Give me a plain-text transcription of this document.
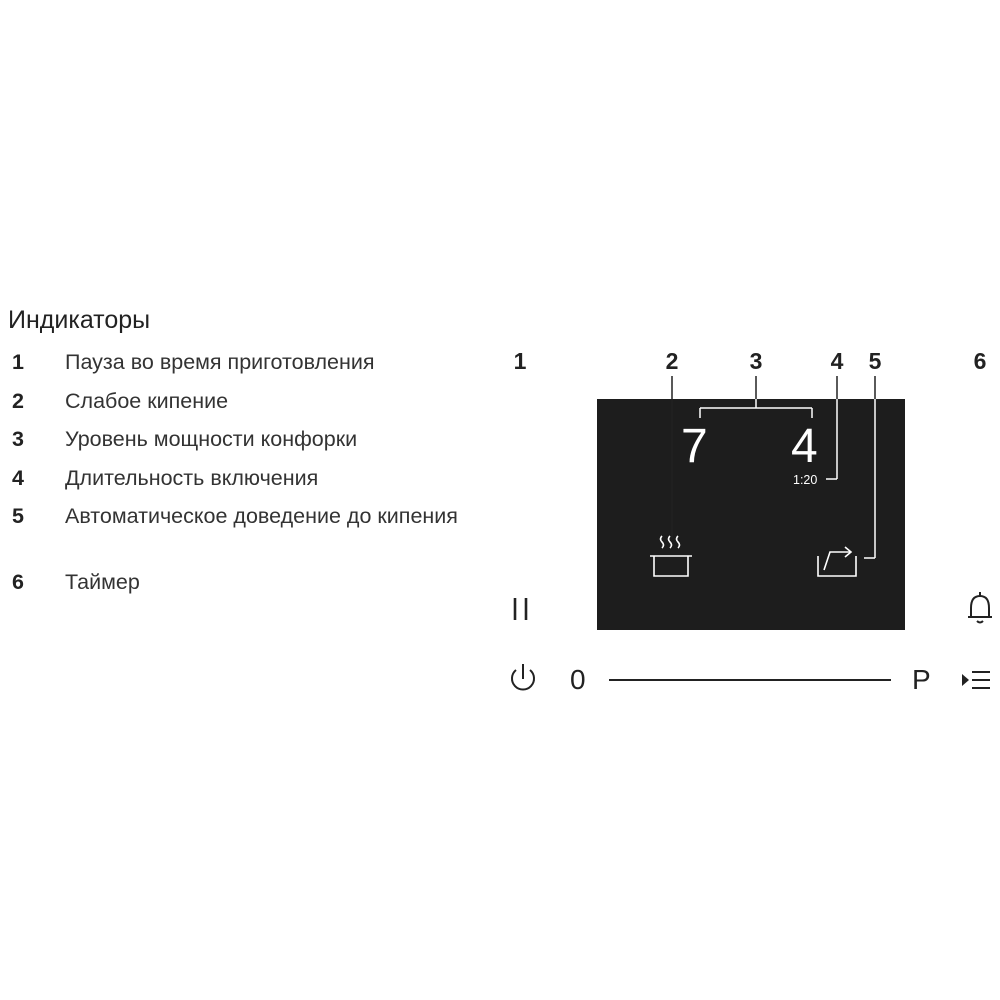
Индикаторы
1	Пауза во время приготовления
2	Слабое кипение
3	Уровень мощности конфорки
4	Длительность включения
5	Автоматическое доведение до кипения
6	Таймер
1	2	3	4 5	6
7 4
1:20
0	P
